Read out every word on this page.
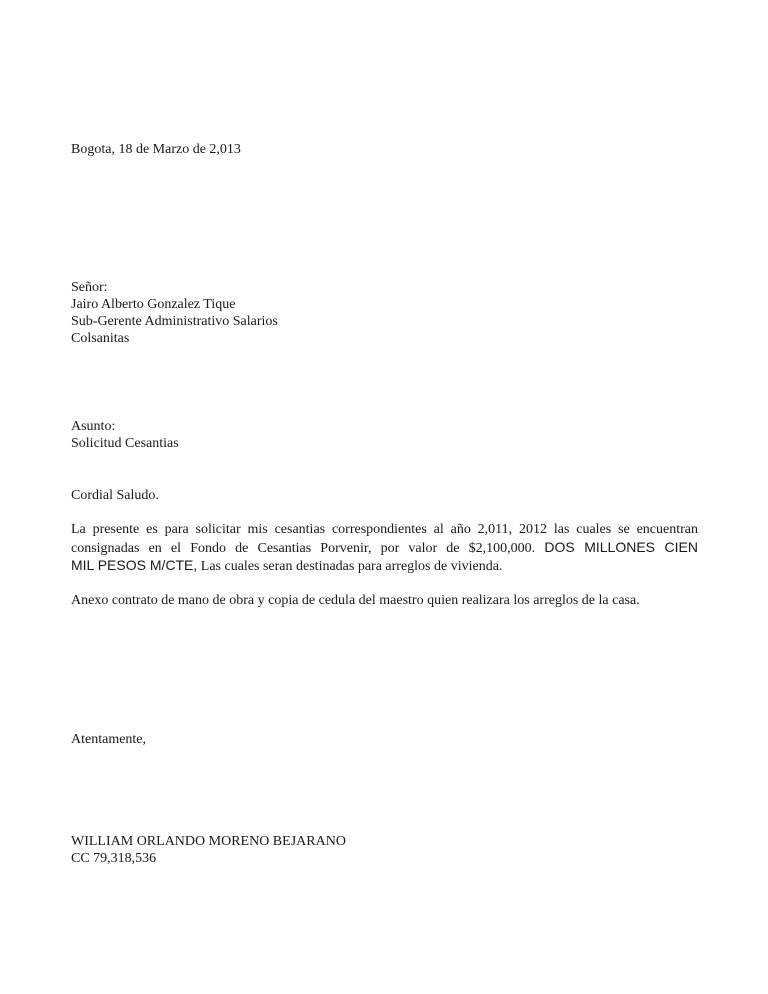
Bogota, 18 de Marzo de 2,013
Señor:
Jairo Alberto Gonzalez Tique
Sub-Gerente Administrativo Salarios
Colsanitas
Asunto:
Solicitud Cesantias
Cordial Saludo.
La presente es para solicitar mis cesantias correspondientes al año 2,011, 2012 las cuales se encuentran
consignadas en el Fondo de Cesantias Porvenir, por valor de $2,100,000. DOS MILLONES CIEN
MIL PESOS M/CTE, Las cuales seran destinadas para arreglos de vivienda.
Anexo contrato de mano de obra y copia de cedula del maestro quien realizara los arreglos de la casa.
Atentamente,
WILLIAM ORLANDO MORENO BEJARANO
CC 79,318,536
